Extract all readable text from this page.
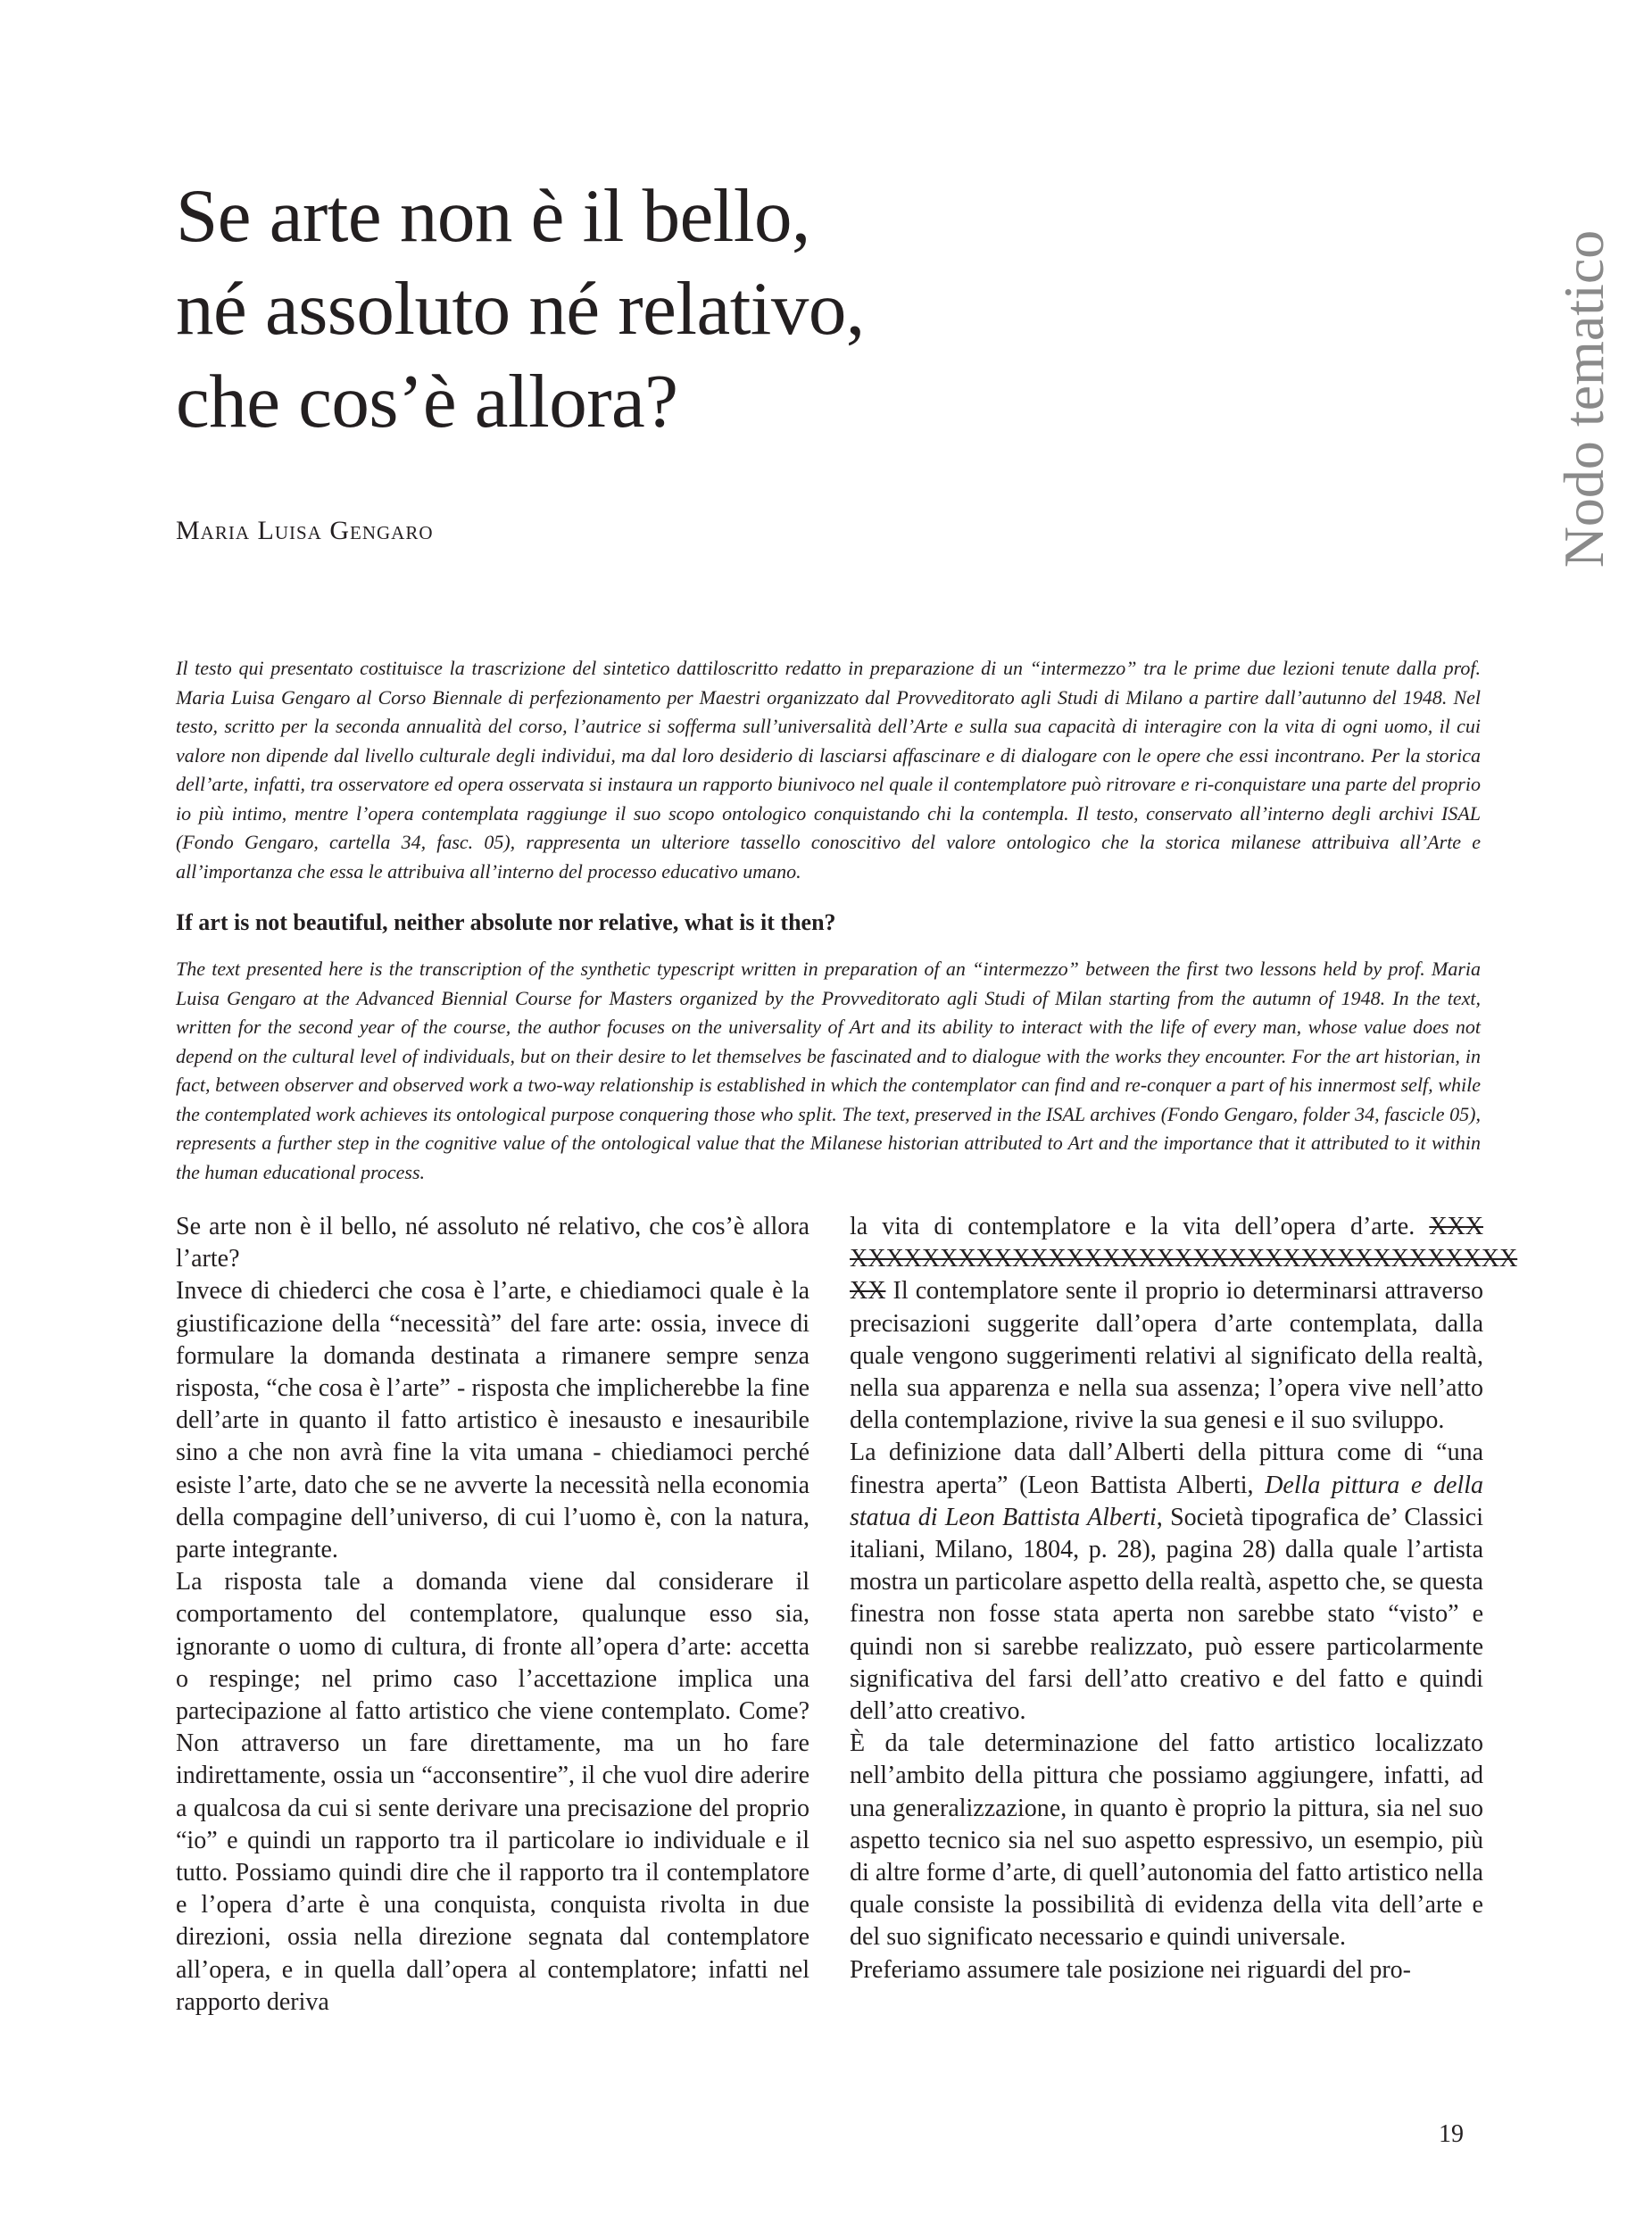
Se arte non è il bello,
né assoluto né relativo,
che cos’è allora?	Nodo tematico

Maria Luisa Gengaro

Il testo qui presentato costituisce la trascrizione del sintetico dattiloscritto redatto in preparazione di un “intermezzo” tra le prime due lezioni tenute dalla prof. Maria Luisa Gengaro al Corso Biennale di perfezionamento per Maestri organizzato dal Provveditorato agli Studi di Milano a partire dall’autunno del 1948. Nel testo, scritto per la seconda annualità del corso, l’autrice si sofferma sull’universalità dell’Arte e sulla sua capacità di interagire con la vita di ogni uomo, il cui valore non dipende dal livello culturale degli individui, ma dal loro desiderio di lasciarsi affascinare e di dialogare con le opere che essi incontrano. Per la storica dell’arte, infatti, tra osservatore ed opera osservata si instaura un rapporto biunivoco nel quale il contemplatore può ritrovare e ri-conquistare una parte del proprio io più intimo, mentre l’opera contemplata raggiunge il suo scopo ontologico conquistando chi la contempla. Il testo, conservato all’interno degli archivi ISAL (Fondo Gengaro, cartella 34, fasc. 05), rappresenta un ulteriore tassello conoscitivo del valore ontologico che la storica milanese attribuiva all’Arte e all’importanza che essa le attribuiva all’interno del processo educativo umano.

If art is not beautiful, neither absolute nor relative, what is it then?

The text presented here is the transcription of the synthetic typescript written in preparation of an “intermezzo” between the first two lessons held by prof. Maria Luisa Gengaro at the Advanced Biennial Course for Masters organized by the Provveditorato agli Studi of Milan starting from the autumn of 1948. In the text, written for the second year of the course, the author focuses on the universality of Art and its ability to interact with the life of every man, whose value does not depend on the cultural level of individuals, but on their desire to let themselves be fascinated and to dialogue with the works they encounter. For the art historian, in fact, between observer and observed work a two-way relationship is established in which the contemplator can find and re-conquer a part of his innermost self, while the contemplated work achieves its ontological purpose conquering those who split. The text, preserved in the ISAL archives (Fondo Gengaro, folder 34, fascicle 05), represents a further step in the cognitive value of the ontological value that the Milanese historian attributed to Art and the importance that it attributed to it within the human educational process.

Se arte non è il bello, né assoluto né relativo, che cos’è allora l’arte?

Invece di chiederci che cosa è l’arte, e chiediamoci quale è la giustificazione della “necessità” del fare arte: ossia, invece di formulare la domanda destinata a rimanere sempre senza risposta, “che cosa è l’arte” - risposta che implicherebbe la fine dell’arte in quanto il fatto artistico è inesausto e inesauribile sino a che non avrà fine la vita umana - chiediamoci perché esiste l’arte, dato che se ne avverte la necessità nella economia della compagine dell’universo, di cui l’uomo è, con la natura, parte integrante.

La risposta tale a domanda viene dal considerare il comportamento del contemplatore, qualunque esso sia, ignorante o uomo di cultura, di fronte all’opera d’arte: accetta o respinge; nel primo caso l’accettazione implica una partecipazione al fatto artistico che viene contemplato. Come? Non attraverso un fare direttamente, ma un ho fare indirettamente, ossia un “acconsentire”, il che vuol dire aderire a qualcosa da cui si sente derivare una precisazione del proprio “io” e quindi un rapporto tra il particolare io individuale e il tutto. Possiamo quindi dire che il rapporto tra il contemplatore e l’opera d’arte è una conquista, conquista rivolta in due direzioni, ossia nella direzione segnata dal contemplatore all’opera, e in quella dall’opera al contemplatore; infatti nel rapporto deriva

la vita di contemplatore e la vita dell’opera d’arte. XXX XXXXXXXXXXXXXXXXXXXXXXXXXXXXXXXXXXXXX XX Il contemplatore sente il proprio io determinarsi attraverso precisazioni suggerite dall’opera d’arte contemplata, dalla quale vengono suggerimenti relativi al significato della realtà, nella sua apparenza e nella sua assenza; l’opera vive nell’atto della contemplazione, rivive la sua genesi e il suo sviluppo.

La definizione data dall’Alberti della pittura come di “una finestra aperta” (Leon Battista Alberti, Della pittura e della statua di Leon Battista Alberti, Società tipografica de’ Classici italiani, Milano, 1804, p. 28), pagina 28) dalla quale l’artista mostra un particolare aspetto della realtà, aspetto che, se questa finestra non fosse stata aperta non sarebbe stato “visto” e quindi non si sarebbe realizzato, può essere particolarmente significativa del farsi dell’atto creativo e del fatto e quindi dell’atto creativo.

È da tale determinazione del fatto artistico localizzato nell’ambito della pittura che possiamo aggiungere, infatti, ad una generalizzazione, in quanto è proprio la pittura, sia nel suo aspetto tecnico sia nel suo aspetto espressivo, un esempio, più di altre forme d’arte, di quell’autonomia del fatto artistico nella quale consiste la possibilità di evidenza della vita dell’arte e del suo significato necessario e quindi universale.

Preferiamo assumere tale posizione nei riguardi del pro-

19
